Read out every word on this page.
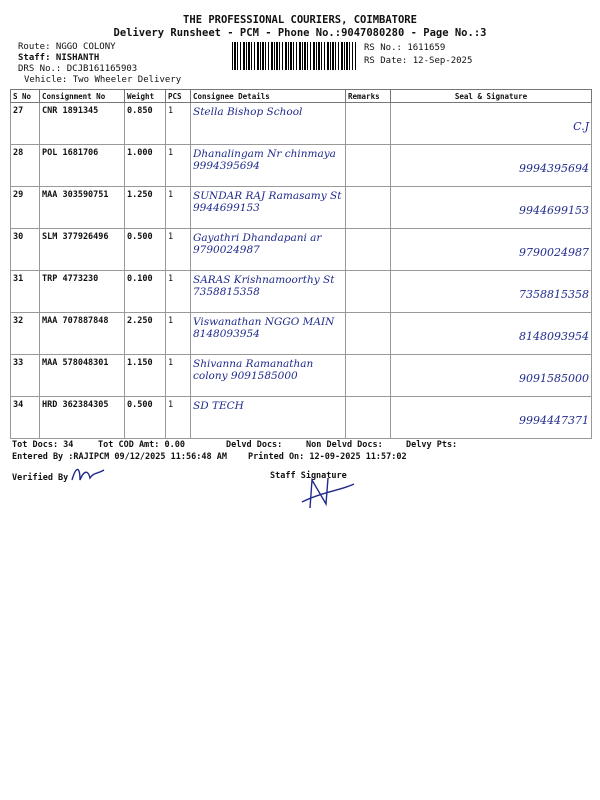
THE PROFESSIONAL COURIERS, COIMBATORE
Delivery Runsheet - PCM - Phone No.:9047080280 - Page No.:3
Route: NGGO COLONY
Staff: NISHANTH
DRS No.: DCJB161165903
Vehicle: Two Wheeler Delivery
RS No.: 1611659
RS Date: 12-Sep-2025
S No	Consignment No	Weight	PCS	Consignee Details	Remarks	Seal & Signature
27	CNR 1891345	0.850	1	Stella Bishop School		C.J

28	POL 1681706	1.000	1	Dhanalingam Nr chinmaya 9994395694		9994395694

29	MAA 303590751	1.250	1	SUNDAR RAJ Ramasamy St 9944699153		9944699153

30	SLM 377926496	0.500	1	Gayathri Dhandapani ar 9790024987		9790024987

31	TRP 4773230	0.100	1	SARAS Krishnamoorthy St 7358815358		7358815358

32	MAA 707887848	2.250	1	Viswanathan NGGO MAIN 8148093954		8148093954

33	MAA 578048301	1.150	1	Shivanna Ramanathan colony 9091585000		9091585000

34	HRD 362384305	0.500	1	SD TECH		9994447371
Tot Docs: 34	Tot COD Amt: 0.00	Delvd Docs:	Non Delvd Docs:	Delvy Pts:
Entered By :RAJIPCM 09/12/2025 11:56:48 AM Printed On: 12-09-2025 11:57:02
Verified By	Staff Signature
